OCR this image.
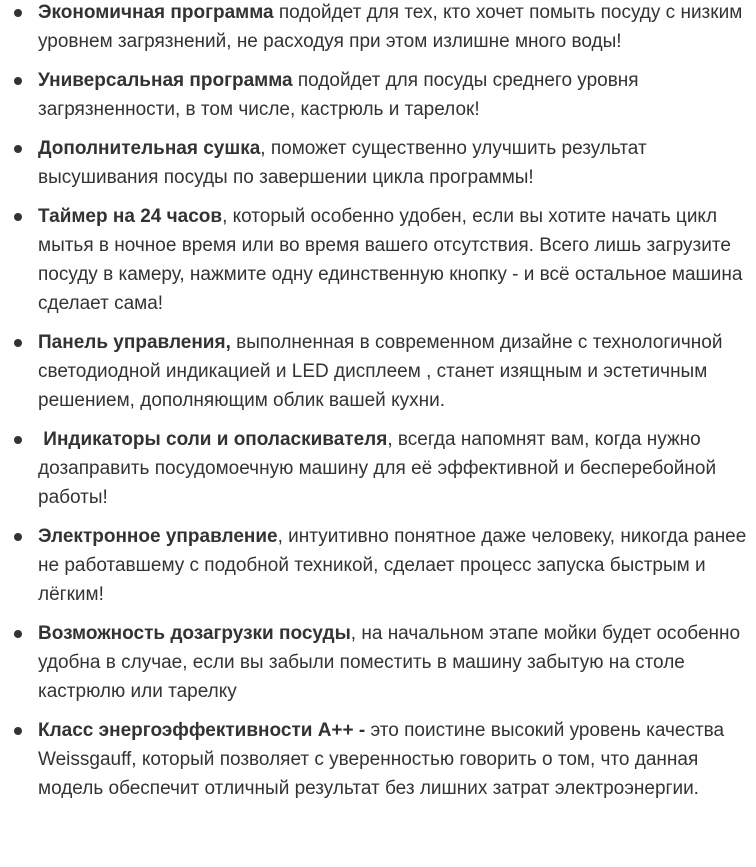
Экономичная программа подойдет для тех, кто хочет помыть посуду с низким уровнем загрязнений, не расходуя при этом излишне много воды!
Универсальная программа подойдет для посуды среднего уровня загрязненности, в том числе, кастрюль и тарелок!
Дополнительная сушка, поможет существенно улучшить результат высушивания посуды по завершении цикла программы!
Таймер на 24 часов, который особенно удобен, если вы хотите начать цикл мытья в ночное время или во время вашего отсутствия. Всего лишь загрузите посуду в камеру, нажмите одну единственную кнопку - и всё остальное машина сделает сама!
Панель управления, выполненная в современном дизайне с технологичной светодиодной индикацией и LED дисплеем , станет изящным и эстетичным решением, дополняющим облик вашей кухни.
Индикаторы соли и ополаскивателя, всегда напомнят вам, когда нужно дозаправить посудомоечную машину для её эффективной и бесперебойной работы!
Электронное управление, интуитивно понятное даже человеку, никогда ранее не работавшему с подобной техникой, сделает процесс запуска быстрым и лёгким!
Возможность дозагрузки посуды, на начальном этапе мойки будет особенно удобна в случае, если вы забыли поместить в машину забытую на столе кастрюлю или тарелку
Класс энергоэффективности А++ - это поистине высокий уровень качества Weissgauff, который позволяет с уверенностью говорить о том, что данная модель обеспечит отличный результат без лишних затрат электроэнергии.
